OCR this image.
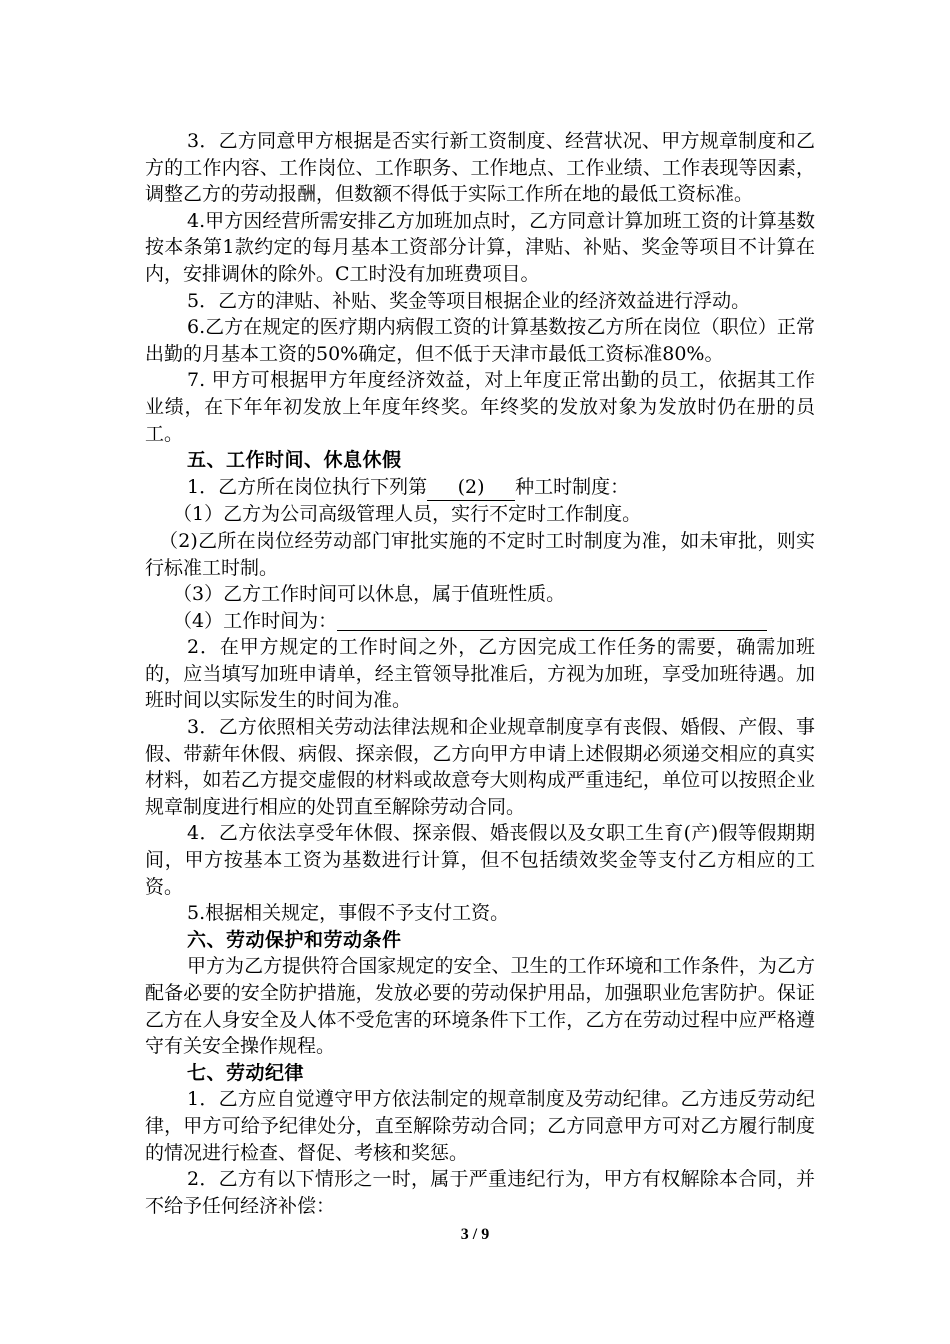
3．乙方同意甲方根据是否实行新工资制度、经营状况、甲方规章制度和乙方的工作内容、工作岗位、工作职务、工作地点、工作业绩、工作表现等因素，调整乙方的劳动报酬，但数额不得低于实际工作所在地的最低工资标准。

4.甲方因经营所需安排乙方加班加点时，乙方同意计算加班工资的计算基数按本条第1款约定的每月基本工资部分计算，津贴、补贴、奖金等项目不计算在内，安排调休的除外。C工时没有加班费项目。

5．乙方的津贴、补贴、奖金等项目根据企业的经济效益进行浮动。

6.乙方在规定的医疗期内病假工资的计算基数按乙方所在岗位（职位）正常出勤的月基本工资的50%确定，但不低于天津市最低工资标准80%。

7. 甲方可根据甲方年度经济效益，对上年度正常出勤的员工，依据其工作业绩，在下年年初发放上年度年终奖。年终奖的发放对象为发放时仍在册的员工。

五、工作时间、休息休假

1．乙方所在岗位执行下列第 (2) 种工时制度：

（1）乙方为公司高级管理人员，实行不定时工作制度。

（2)乙所在岗位经劳动部门审批实施的不定时工时制度为准，如未审批，则实行标准工时制。

（3）乙方工作时间可以休息，属于值班性质。

（4）工作时间为：

2．在甲方规定的工作时间之外，乙方因完成工作任务的需要，确需加班的，应当填写加班申请单，经主管领导批准后，方视为加班，享受加班待遇。加班时间以实际发生的时间为准。

3．乙方依照相关劳动法律法规和企业规章制度享有丧假、婚假、产假、事假、带薪年休假、病假、探亲假，乙方向甲方申请上述假期必须递交相应的真实材料，如若乙方提交虚假的材料或故意夸大则构成严重违纪，单位可以按照企业规章制度进行相应的处罚直至解除劳动合同。

4．乙方依法享受年休假、探亲假、婚丧假以及女职工生育(产)假等假期期间，甲方按基本工资为基数进行计算，但不包括绩效奖金等支付乙方相应的工资。

5.根据相关规定，事假不予支付工资。

六、劳动保护和劳动条件

甲方为乙方提供符合国家规定的安全、卫生的工作环境和工作条件，为乙方配备必要的安全防护措施，发放必要的劳动保护用品，加强职业危害防护。保证乙方在人身安全及人体不受危害的环境条件下工作，乙方在劳动过程中应严格遵守有关安全操作规程。

七、劳动纪律

1．乙方应自觉遵守甲方依法制定的规章制度及劳动纪律。乙方违反劳动纪律，甲方可给予纪律处分，直至解除劳动合同；乙方同意甲方可对乙方履行制度的情况进行检查、督促、考核和奖惩。

2．乙方有以下情形之一时，属于严重违纪行为，甲方有权解除本合同，并不给予任何经济补偿：

3 / 9
